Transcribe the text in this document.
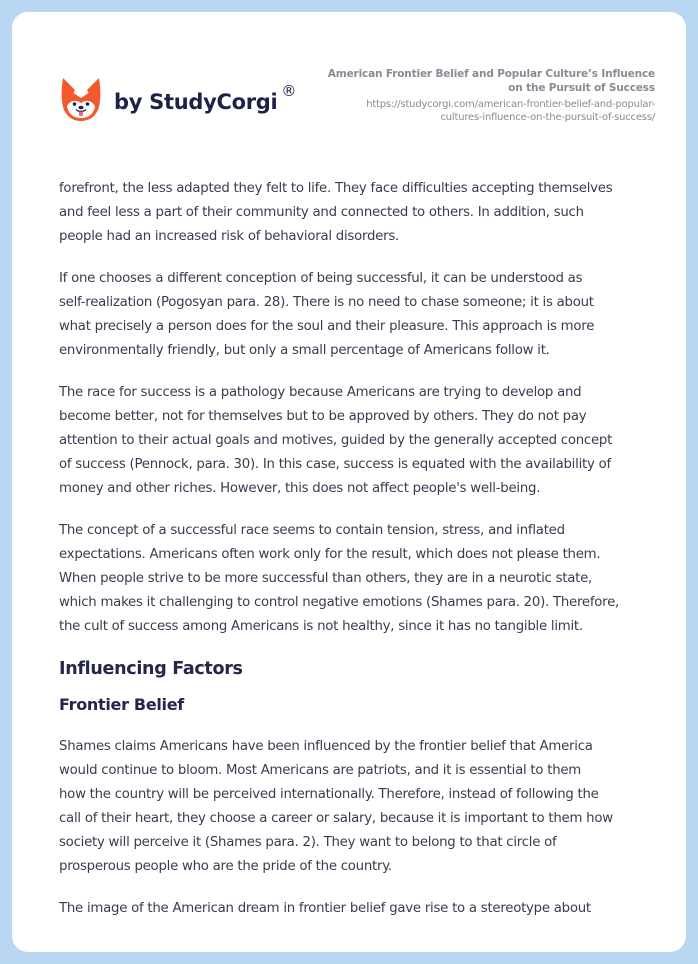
by StudyCorgi ®
American Frontier Belief and Popular Culture’s Influence
on the Pursuit of Success
https://studycorgi.com/american-frontier-belief-and-popular-
cultures-influence-on-the-pursuit-of-success/

forefront, the less adapted they felt to life. They face difficulties accepting themselves
and feel less a part of their community and connected to others. In addition, such
people had an increased risk of behavioral disorders.

If one chooses a different conception of being successful, it can be understood as
self-realization (Pogosyan para. 28). There is no need to chase someone; it is about
what precisely a person does for the soul and their pleasure. This approach is more
environmentally friendly, but only a small percentage of Americans follow it.

The race for success is a pathology because Americans are trying to develop and
become better, not for themselves but to be approved by others. They do not pay
attention to their actual goals and motives, guided by the generally accepted concept
of success (Pennock, para. 30). In this case, success is equated with the availability of
money and other riches. However, this does not affect people's well-being.

The concept of a successful race seems to contain tension, stress, and inflated
expectations. Americans often work only for the result, which does not please them.
When people strive to be more successful than others, they are in a neurotic state,
which makes it challenging to control negative emotions (Shames para. 20). Therefore,
the cult of success among Americans is not healthy, since it has no tangible limit.

Influencing Factors
Frontier Belief

Shames claims Americans have been influenced by the frontier belief that America
would continue to bloom. Most Americans are patriots, and it is essential to them
how the country will be perceived internationally. Therefore, instead of following the
call of their heart, they choose a career or salary, because it is important to them how
society will perceive it (Shames para. 2). They want to belong to that circle of
prosperous people who are the pride of the country.

The image of the American dream in frontier belief gave rise to a stereotype about
